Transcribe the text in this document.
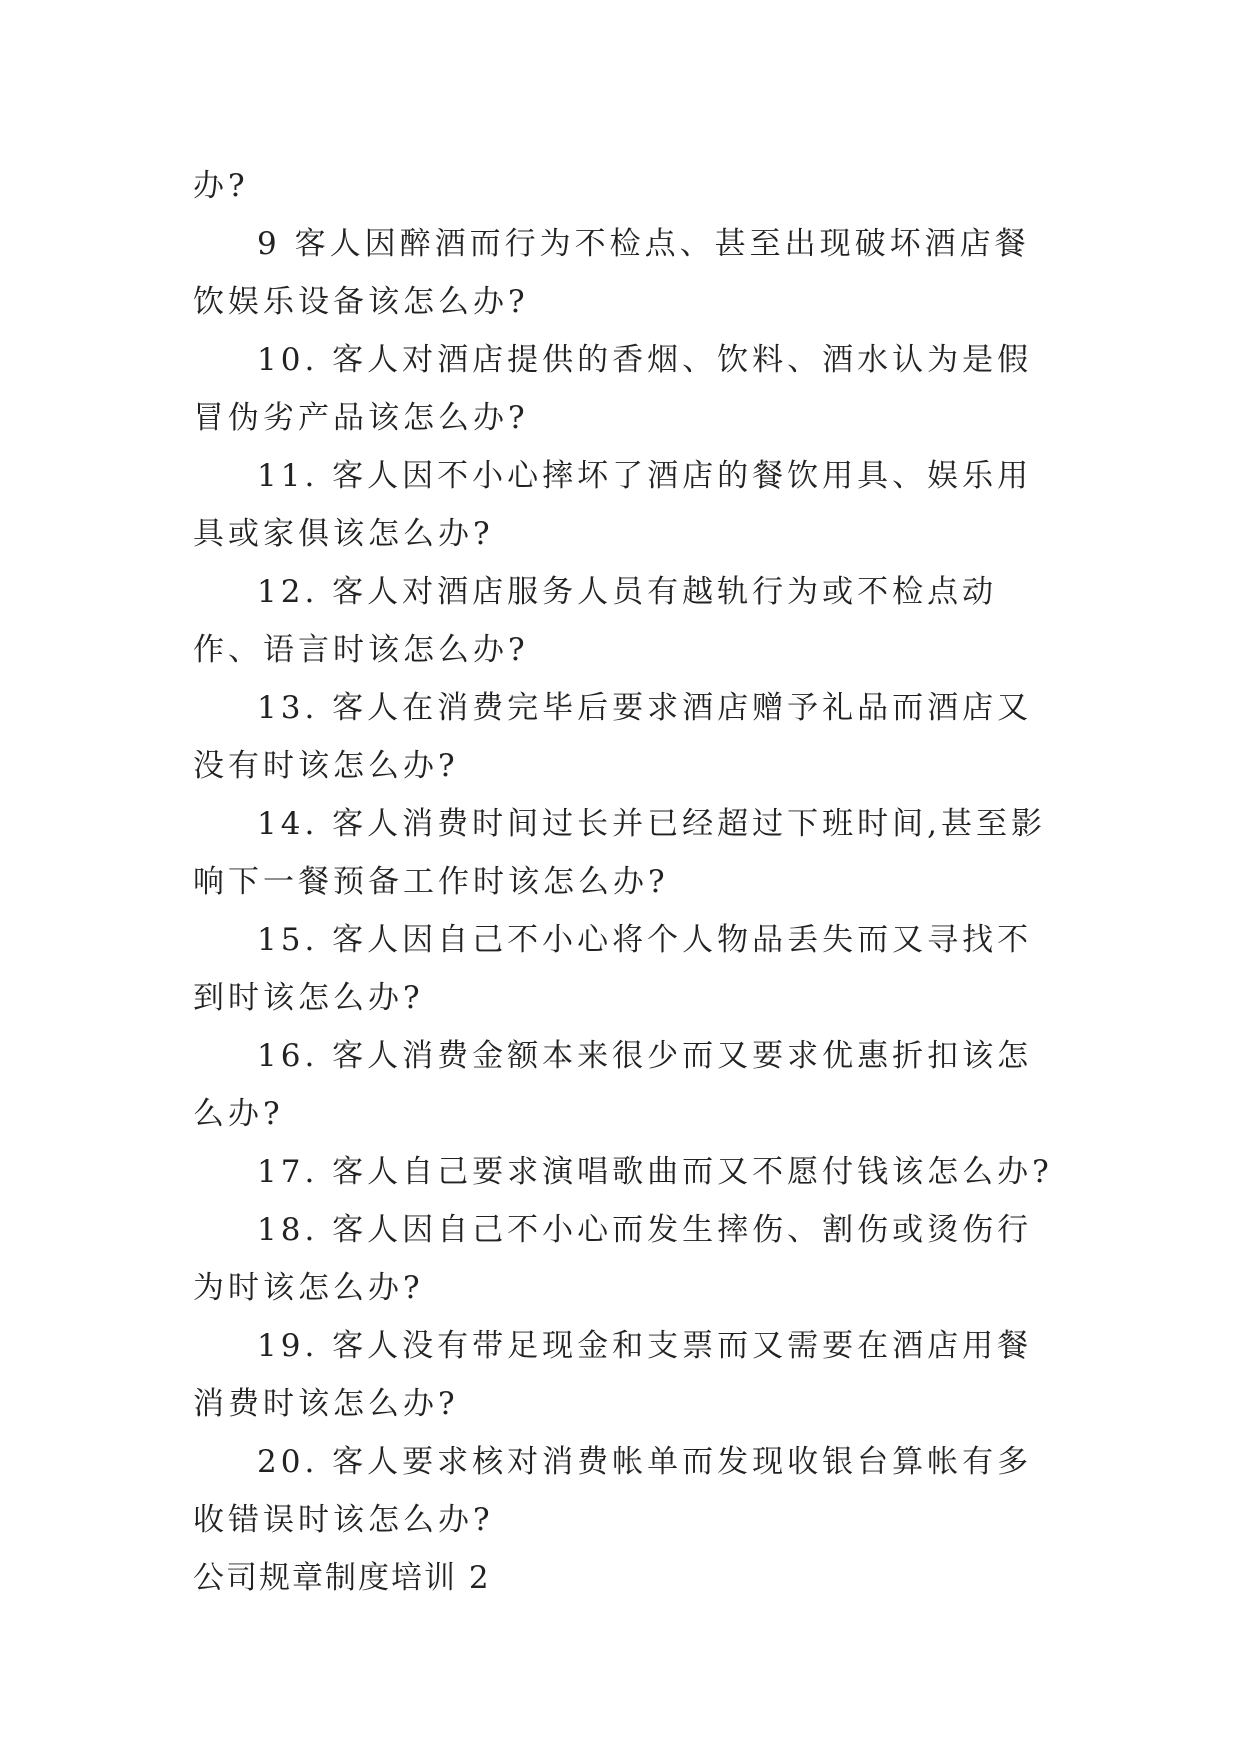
办?

9 客人因醉酒而行为不检点、甚至出现破坏酒店餐饮娱乐设备该怎么办?

10. 客人对酒店提供的香烟、饮料、酒水认为是假冒伪劣产品该怎么办?

11. 客人因不小心摔坏了酒店的餐饮用具、娱乐用具或家俱该怎么办?

12. 客人对酒店服务人员有越轨行为或不检点动作、语言时该怎么办?

13. 客人在消费完毕后要求酒店赠予礼品而酒店又没有时该怎么办?

14. 客人消费时间过长并已经超过下班时间,甚至影响下一餐预备工作时该怎么办?

15. 客人因自己不小心将个人物品丢失而又寻找不到时该怎么办?

16. 客人消费金额本来很少而又要求优惠折扣该怎么办?

17. 客人自己要求演唱歌曲而又不愿付钱该怎么办?

18. 客人因自己不小心而发生摔伤、割伤或烫伤行为时该怎么办?

19. 客人没有带足现金和支票而又需要在酒店用餐消费时该怎么办?

20. 客人要求核对消费帐单而发现收银台算帐有多收错误时该怎么办?

公司规章制度培训 2
